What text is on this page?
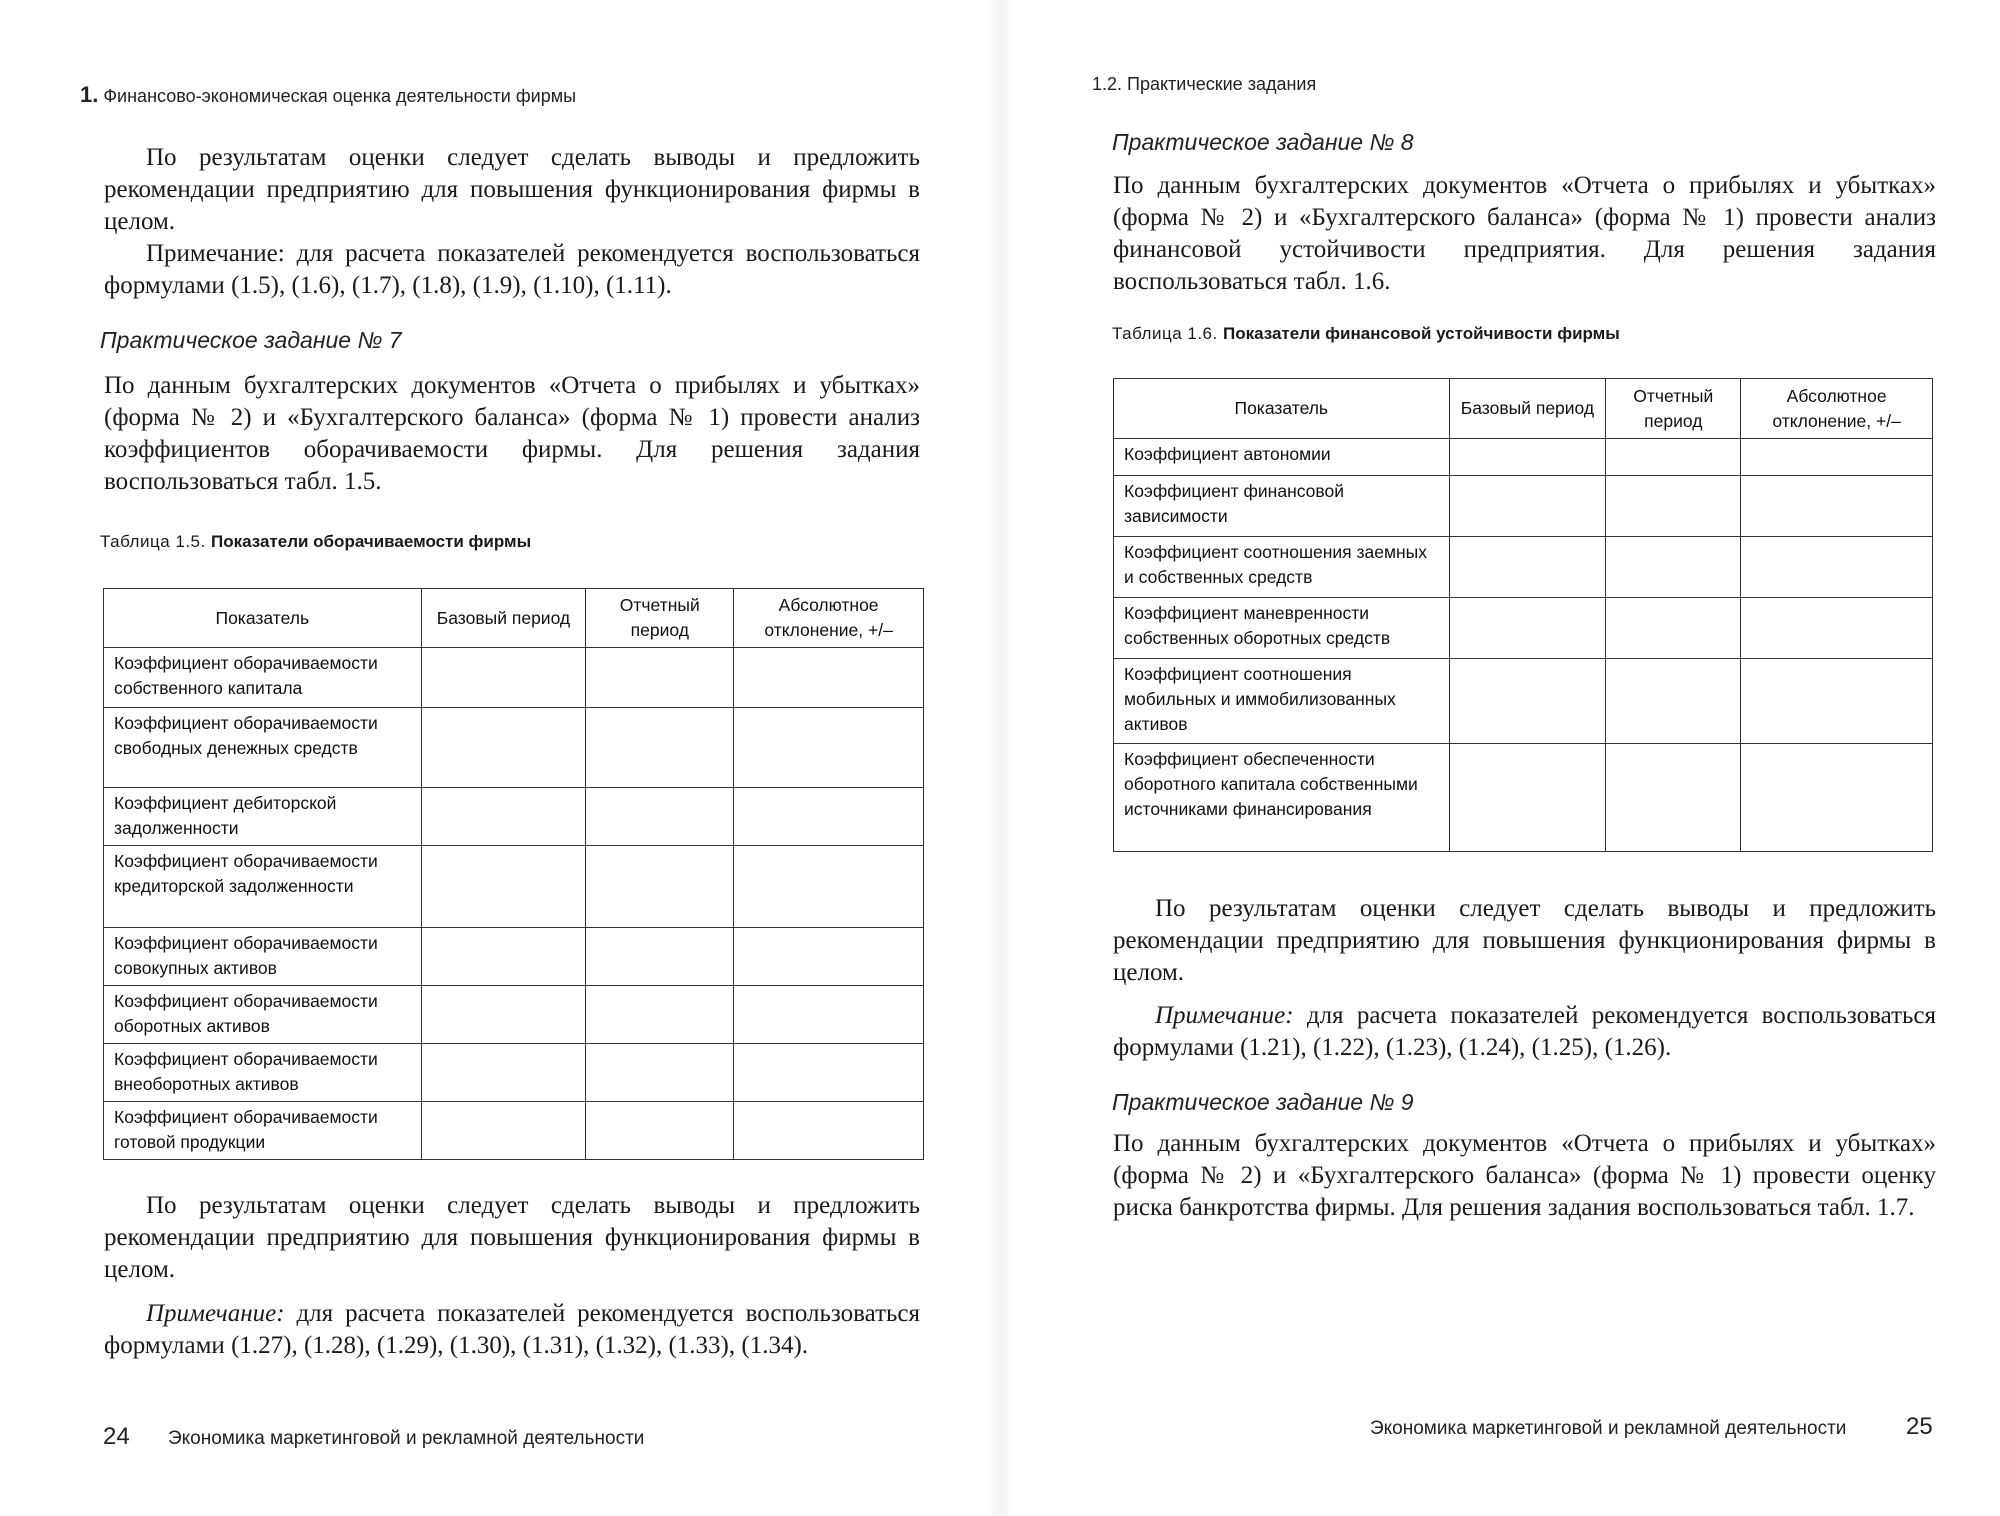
1. Финансово-экономическая оценка деятельности фирмы
По результатам оценки следует сделать выводы и предложить рекомендации предприятию для повышения функционирования фирмы в целом.
Примечание: для расчета показателей рекомендуется воспользоваться формулами (1.5), (1.6), (1.7), (1.8), (1.9), (1.10), (1.11).
Практическое задание № 7
По данным бухгалтерских документов «Отчета о прибылях и убытках» (форма № 2) и «Бухгалтерского баланса» (форма № 1) провести анализ коэффициентов оборачиваемости фирмы. Для решения задания воспользоваться табл. 1.5.
Таблица 1.5. Показатели оборачиваемости фирмы
Показатель	Базовый период	Отчетный период	Абсолютное отклонение, +/–
Коэффициент оборачиваемости собственного капитала			
Коэффициент оборачиваемости свободных денежных средств			
Коэффициент дебиторской задолженности			
Коэффициент оборачиваемости кредиторской задолженности			
Коэффициент оборачиваемости совокупных активов			
Коэффициент оборачиваемости оборотных активов			
Коэффициент оборачиваемости внеоборотных активов			
Коэффициент оборачиваемости готовой продукции			
По результатам оценки следует сделать выводы и предложить рекомендации предприятию для повышения функционирования фирмы в целом.
Примечание: для расчета показателей рекомендуется воспользоваться формулами (1.27), (1.28), (1.29), (1.30), (1.31), (1.32), (1.33), (1.34).
24 Экономика маркетинговой и рекламной деятельности
1.2. Практические задания
Практическое задание № 8
По данным бухгалтерских документов «Отчета о прибылях и убытках» (форма № 2) и «Бухгалтерского баланса» (форма № 1) провести анализ финансовой устойчивости предприятия. Для решения задания воспользоваться табл. 1.6.
Таблица 1.6. Показатели финансовой устойчивости фирмы
Показатель	Базовый период	Отчетный период	Абсолютное отклонение, +/–
Коэффициент автономии			
Коэффициент финансовой зависимости			
Коэффициент соотношения заемных и собственных средств			
Коэффициент маневренности собственных оборотных средств			
Коэффициент соотношения мобильных и иммобилизованных активов			
Коэффициент обеспеченности оборотного капитала собственными источниками финансирования			
По результатам оценки следует сделать выводы и предложить рекомендации предприятию для повышения функционирования фирмы в целом.
Примечание: для расчета показателей рекомендуется воспользоваться формулами (1.21), (1.22), (1.23), (1.24), (1.25), (1.26).
Практическое задание № 9
По данным бухгалтерских документов «Отчета о прибылях и убытках» (форма № 2) и «Бухгалтерского баланса» (форма № 1) провести оценку риска банкротства фирмы. Для решения задания воспользоваться табл. 1.7.
Экономика маркетинговой и рекламной деятельности 25
